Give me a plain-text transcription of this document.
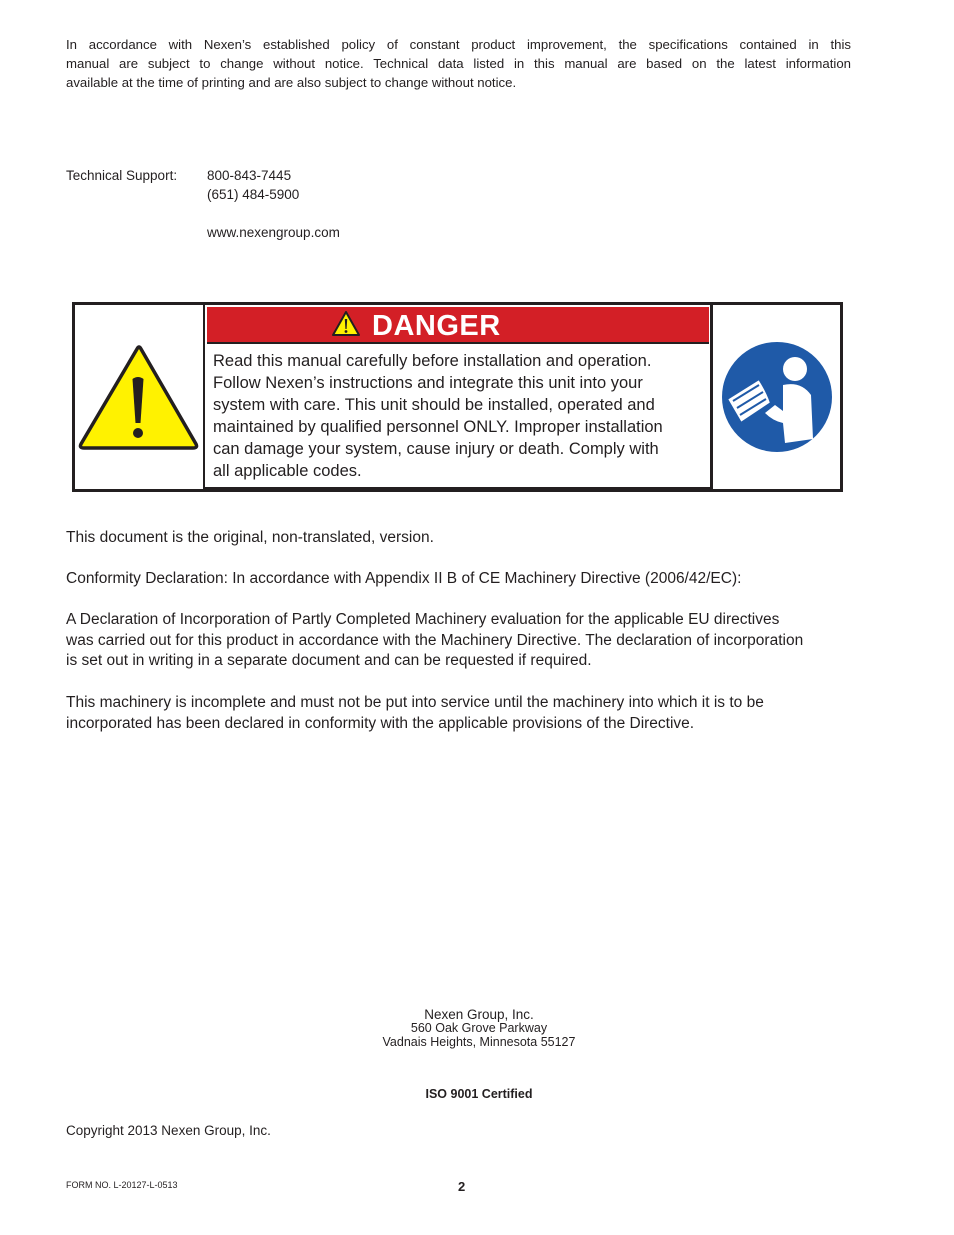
In accordance with Nexen’s established policy of constant product improvement, the specifications contained in this
manual are subject to change without notice. Technical data listed in this manual are based on the latest information
available at the time of printing and are also subject to change without notice.
Technical Support: 800-843-7445
(651) 484-5900
www.nexengroup.com
DANGER
Read this manual carefully before installation and operation.
Follow Nexen’s instructions and integrate this unit into your
system with care. This unit should be installed, operated and
maintained by qualified personnel ONLY. Improper installation
can damage your system, cause injury or death. Comply with
all applicable codes.
This document is the original, non-translated, version.
Conformity Declaration: In accordance with Appendix II B of CE Machinery Directive (2006/42/EC):
A Declaration of Incorporation of Partly Completed Machinery evaluation for the applicable EU directives
was carried out for this product in accordance with the Machinery Directive. The declaration of incorporation
is set out in writing in a separate document and can be requested if required.
This machinery is incomplete and must not be put into service until the machinery into which it is to be
incorporated has been declared in conformity with the applicable provisions of the Directive.
Nexen Group, Inc.
560 Oak Grove Parkway
Vadnais Heights, Minnesota 55127
ISO 9001 Certified
Copyright 2013 Nexen Group, Inc.
FORM NO. L-20127-L-0513	2
